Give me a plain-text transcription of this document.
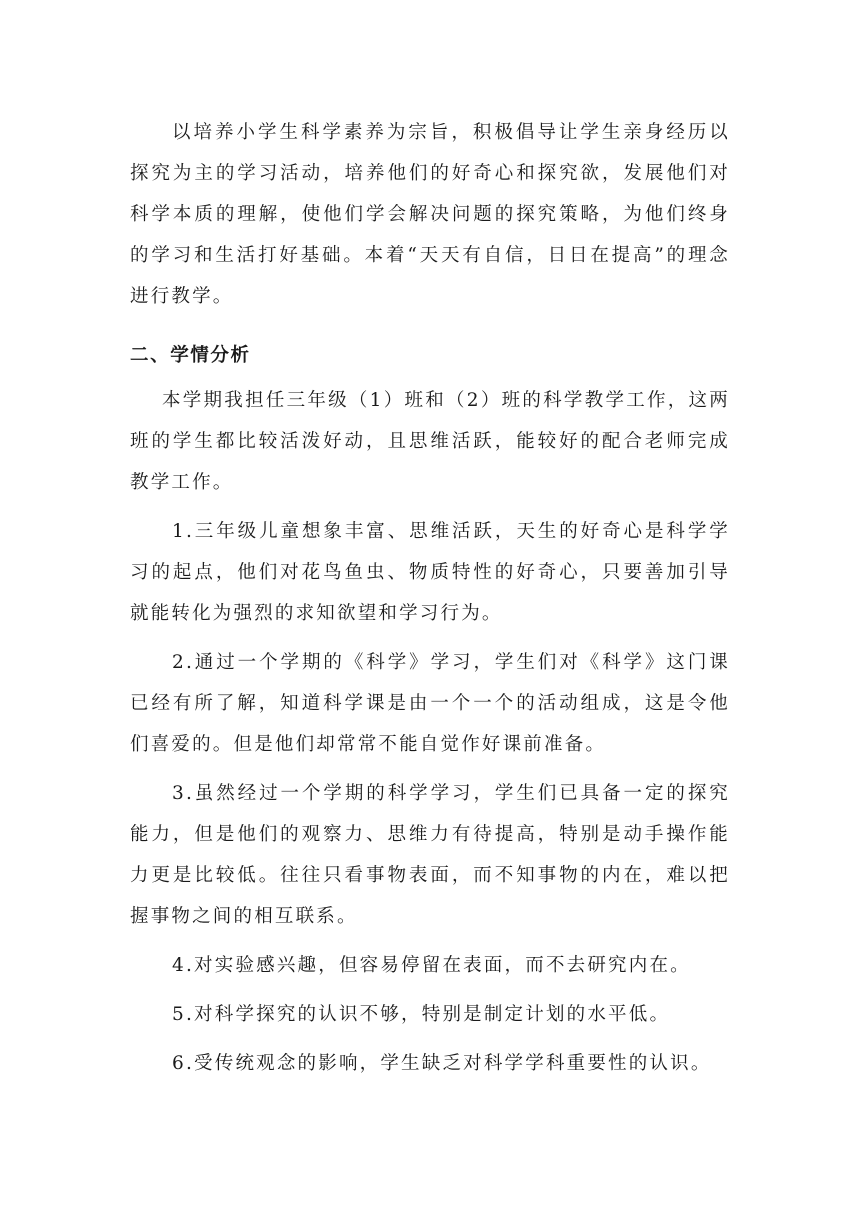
以培养小学生科学素养为宗旨，积极倡导让学生亲身经历以探究为主的学习活动，培养他们的好奇心和探究欲，发展他们对科学本质的理解，使他们学会解决问题的探究策略，为他们终身的学习和生活打好基础。本着“天天有自信，日日在提高”的理念进行教学。

二、学情分析

本学期我担任三年级（1）班和（2）班的科学教学工作，这两班的学生都比较活泼好动，且思维活跃，能较好的配合老师完成教学工作。

1.三年级儿童想象丰富、思维活跃，天生的好奇心是科学学习的起点，他们对花鸟鱼虫、物质特性的好奇心，只要善加引导就能转化为强烈的求知欲望和学习行为。

2.通过一个学期的《科学》学习，学生们对《科学》这门课已经有所了解，知道科学课是由一个一个的活动组成，这是令他们喜爱的。但是他们却常常不能自觉作好课前准备。

3.虽然经过一个学期的科学学习，学生们已具备一定的探究能力，但是他们的观察力、思维力有待提高，特别是动手操作能力更是比较低。往往只看事物表面，而不知事物的内在，难以把握事物之间的相互联系。

4.对实验感兴趣，但容易停留在表面，而不去研究内在。

5.对科学探究的认识不够，特别是制定计划的水平低。

6.受传统观念的影响，学生缺乏对科学学科重要性的认识。
